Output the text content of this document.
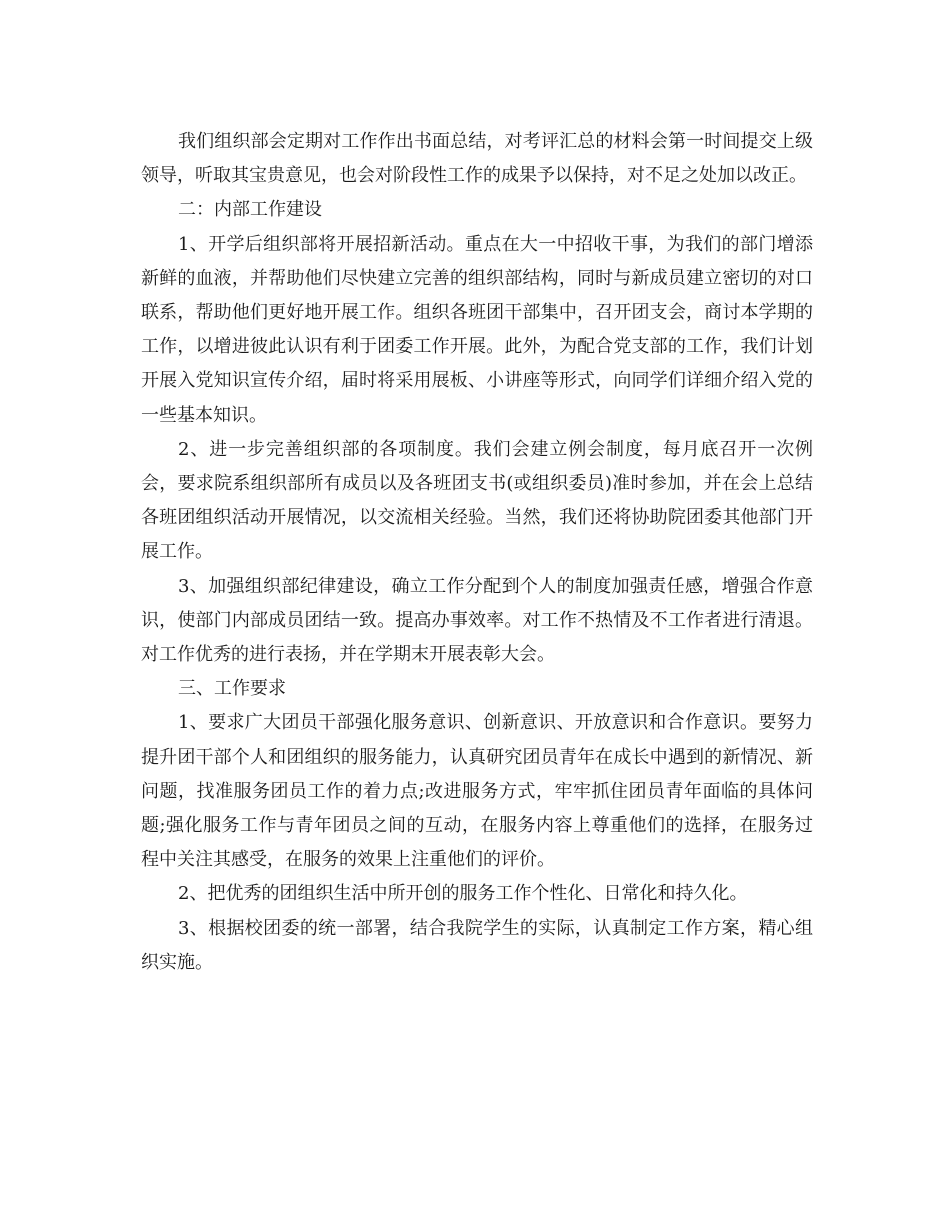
我们组织部会定期对工作作出书面总结，对考评汇总的材料会第一时间提交上级领导，听取其宝贵意见，也会对阶段性工作的成果予以保持，对不足之处加以改正。

二：内部工作建设

1、开学后组织部将开展招新活动。重点在大一中招收干事，为我们的部门增添新鲜的血液，并帮助他们尽快建立完善的组织部结构，同时与新成员建立密切的对口联系，帮助他们更好地开展工作。组织各班团干部集中，召开团支会，商讨本学期的工作，以增进彼此认识有利于团委工作开展。此外，为配合党支部的工作，我们计划开展入党知识宣传介绍，届时将采用展板、小讲座等形式，向同学们详细介绍入党的一些基本知识。

2、进一步完善组织部的各项制度。我们会建立例会制度，每月底召开一次例会，要求院系组织部所有成员以及各班团支书(或组织委员)准时参加，并在会上总结各班团组织活动开展情况，以交流相关经验。当然，我们还将协助院团委其他部门开展工作。

3、加强组织部纪律建设，确立工作分配到个人的制度加强责任感，增强合作意识，使部门内部成员团结一致。提高办事效率。对工作不热情及不工作者进行清退。对工作优秀的进行表扬，并在学期末开展表彰大会。

三、工作要求

1、要求广大团员干部强化服务意识、创新意识、开放意识和合作意识。要努力提升团干部个人和团组织的服务能力，认真研究团员青年在成长中遇到的新情况、新问题，找准服务团员工作的着力点;改进服务方式，牢牢抓住团员青年面临的具体问题;强化服务工作与青年团员之间的互动，在服务内容上尊重他们的选择，在服务过程中关注其感受，在服务的效果上注重他们的评价。

2、把优秀的团组织生活中所开创的服务工作个性化、日常化和持久化。

3、根据校团委的统一部署，结合我院学生的实际，认真制定工作方案，精心组织实施。
